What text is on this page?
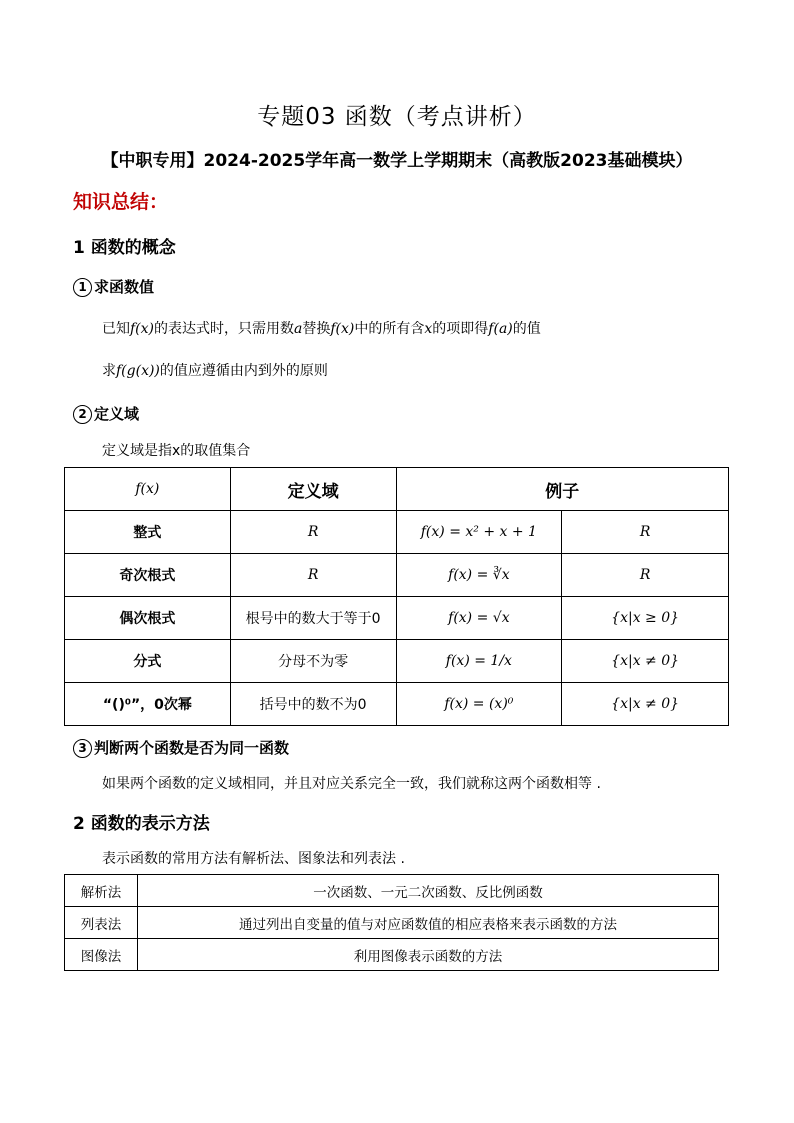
专题03 函数（考点讲析）
【中职专用】2024-2025学年高一数学上学期期末（高教版2023基础模块）
知识总结：
1 函数的概念
1 求函数值
已知f(x)的表达式时，只需用数a替换f(x)中的所有含x的项即得f(a)的值
求f(g(x))的值应遵循由内到外的原则
2 定义域
定义域是指x的取值集合
f(x)	定义域	例子	
整式	R	f(x) = x² + x + 1	R
奇次根式	R	f(x) = ∛x	R
偶次根式	根号中的数大于等于0	f(x) = √x	{x|x ≥ 0}
分式	分母不为零	f(x) = 1/x	{x|x ≠ 0}
“()⁰”，0次幂	括号中的数不为0	f(x) = (x)⁰	{x|x ≠ 0}
3 判断两个函数是否为同一函数
如果两个函数的定义域相同，并且对应关系完全一致，我们就称这两个函数相等 .
2 函数的表示方法
表示函数的常用方法有解析法、图象法和列表法 .
解析法	一次函数、一元二次函数、反比例函数
列表法	通过列出自变量的值与对应函数值的相应表格来表示函数的方法
图像法	利用图像表示函数的方法
